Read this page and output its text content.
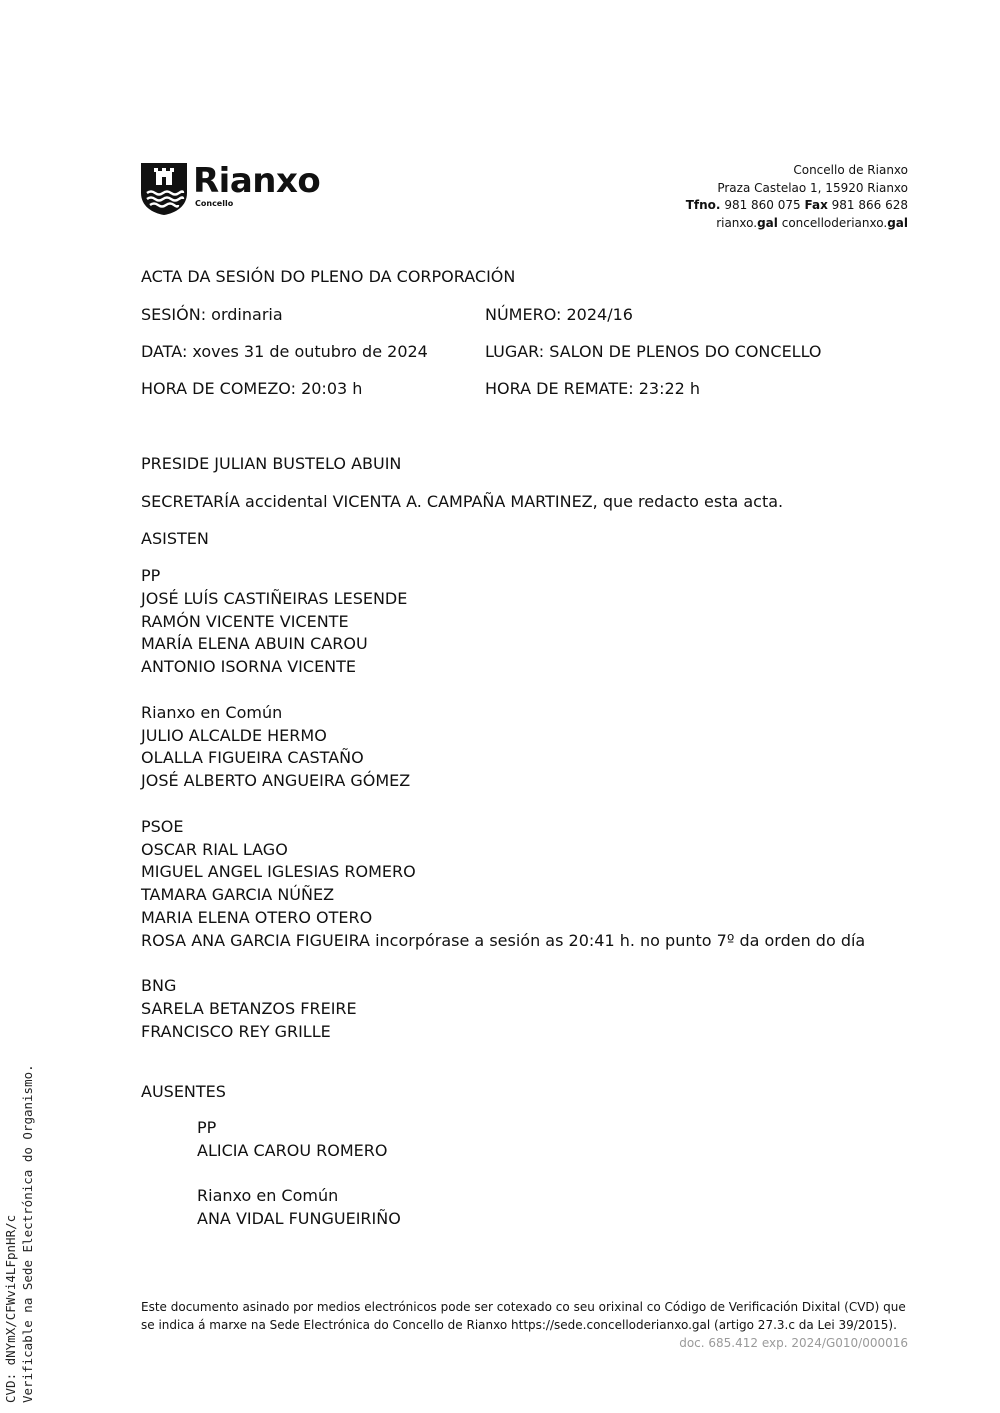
Rianxo
Concello
Concello de Rianxo
Praza Castelao 1, 15920 Rianxo
Tfno. 981 860 075 Fax 981 866 628
rianxo.gal concelloderianxo.gal
ACTA DA SESIÓN DO PLENO DA CORPORACIÓN
SESIÓN: ordinaria	NÚMERO: 2024/16
DATA: xoves 31 de outubro de 2024	LUGAR: SALON DE PLENOS DO CONCELLO
HORA DE COMEZO: 20:03 h	HORA DE REMATE: 23:22 h
PRESIDE JULIAN BUSTELO ABUIN
SECRETARÍA accidental VICENTA A. CAMPAÑA MARTINEZ, que redacto esta acta.
ASISTEN
PP
JOSÉ LUÍS CASTIÑEIRAS LESENDE
RAMÓN VICENTE VICENTE
MARÍA ELENA ABUIN CAROU
ANTONIO ISORNA VICENTE
Rianxo en Común
JULIO ALCALDE HERMO
OLALLA FIGUEIRA CASTAÑO
JOSÉ ALBERTO ANGUEIRA GÓMEZ
PSOE
OSCAR RIAL LAGO
MIGUEL ANGEL IGLESIAS ROMERO
TAMARA GARCIA NÚÑEZ
MARIA ELENA OTERO OTERO
ROSA ANA GARCIA FIGUEIRA incorpórase a sesión as 20:41 h. no punto 7º da orden do día
BNG
SARELA BETANZOS FREIRE
FRANCISCO REY GRILLE
AUSENTES
PP
ALICIA CAROU ROMERO
Rianxo en Común
ANA VIDAL FUNGUEIRIÑO
Este documento asinado por medios electrónicos pode ser cotexado co seu orixinal co Código de Verificación Dixital (CVD) que se indica á marxe na Sede Electrónica do Concello de Rianxo https://sede.concelloderianxo.gal (artigo 27.3.c da Lei 39/2015).
doc. 685.412 exp. 2024/G010/000016
CVD: dNYmX/CFWvi4LFpnHR/c Verificable na Sede Electrónica do Organismo.
